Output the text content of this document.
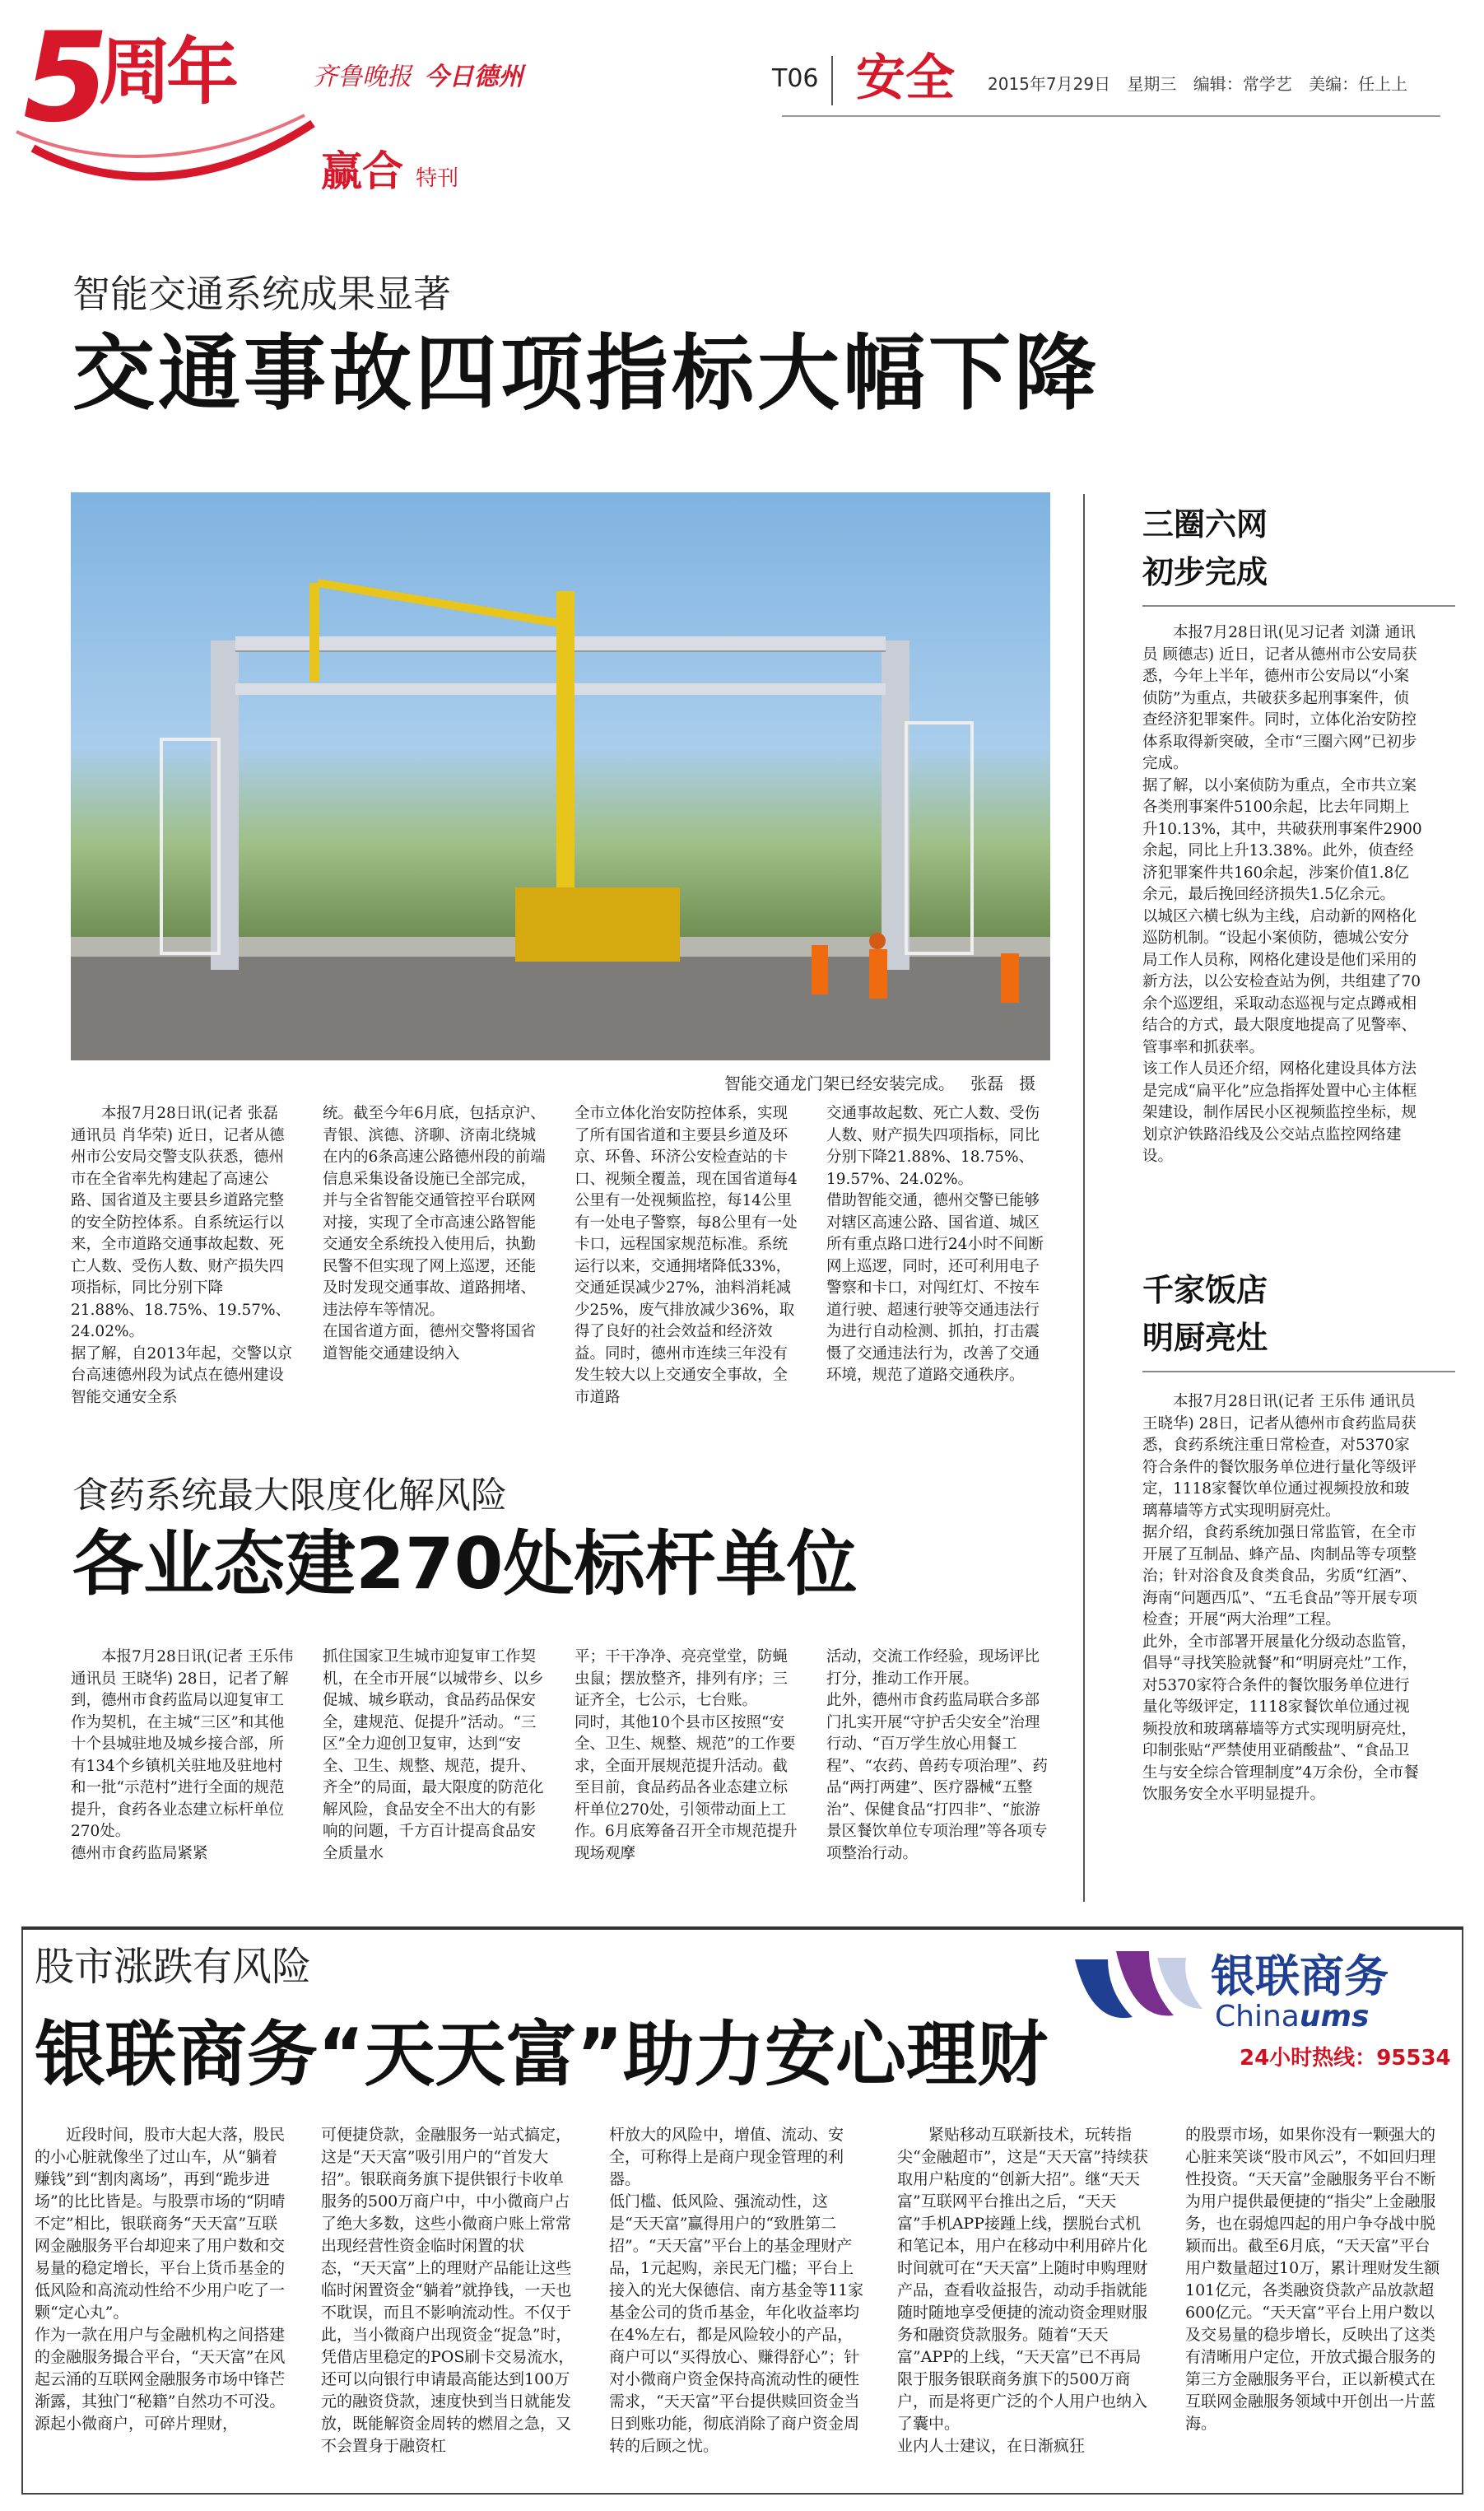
5
周年	齐鲁晚报 今日德州
赢合 特刊
T06 安全 2015年7月29日 星期三 编辑：常学艺 美编：任上上
智能交通系统成果显著
交通事故四项指标大幅下降
智能交通龙门架已经安装完成。   张磊   摄
本报7月28日讯(记者 张磊 通讯员 肖华荣) 近日，记者从德州市公安局交警支队获悉，德州市在全省率先构建起了高速公路、国省道及主要县乡道路完整的安全防控体系。自系统运行以来，全市道路交通事故起数、死亡人数、受伤人数、财产损失四项指标，同比分别下降21.88%、18.75%、19.57%、24.02%。
据了解，自2013年起，交警以京台高速德州段为试点在德州建设智能交通安全系
统。截至今年6月底，包括京沪、青银、滨德、济聊、济南北绕城在内的6条高速公路德州段的前端信息采集设备设施已全部完成，并与全省智能交通管控平台联网对接，实现了全市高速公路智能交通安全系统投入使用后，执勤民警不但实现了网上巡逻，还能及时发现交通事故、道路拥堵、违法停车等情况。
在国省道方面，德州交警将国省道智能交通建设纳入
全市立体化治安防控体系，实现了所有国省道和主要县乡道及环京、环鲁、环济公安检查站的卡口、视频全覆盖，现在国省道每4公里有一处视频监控，每14公里有一处电子警察，每8公里有一处卡口，远程国家规范标准。系统运行以来，交通拥堵降低33%，交通延误减少27%，油料消耗减少25%，废气排放减少36%，取得了良好的社会效益和经济效益。同时，德州市连续三年没有发生较大以上交通安全事故，全市道路
交通事故起数、死亡人数、受伤人数、财产损失四项指标，同比分别下降21.88%、18.75%、19.57%、24.02%。
借助智能交通，德州交警已能够对辖区高速公路、国省道、城区所有重点路口进行24小时不间断网上巡逻，同时，还可利用电子警察和卡口，对闯红灯、不按车道行驶、超速行驶等交通违法行为进行自动检测、抓拍，打击震慑了交通违法行为，改善了交通环境，规范了道路交通秩序。
三圈六网
初步完成
本报7月28日讯(见习记者 刘潇 通讯员 顾德志) 近日，记者从德州市公安局获悉，今年上半年，德州市公安局以“小案侦防”为重点，共破获多起刑事案件，侦查经济犯罪案件。同时，立体化治安防控体系取得新突破，全市“三圈六网”已初步完成。
据了解，以小案侦防为重点，全市共立案各类刑事案件5100余起，比去年同期上升10.13%，其中，共破获刑事案件2900余起，同比上升13.38%。此外，侦查经济犯罪案件共160余起，涉案价值1.8亿余元，最后挽回经济损失1.5亿余元。
以城区六横七纵为主线，启动新的网格化巡防机制。“设起小案侦防，德城公安分局工作人员称，网格化建设是他们采用的新方法，以公安检查站为例，共组建了70余个巡逻组，采取动态巡视与定点蹲戒相结合的方式，最大限度地提高了见警率、管事率和抓获率。
该工作人员还介绍，网格化建设具体方法是完成“扁平化”应急指挥处置中心主体框架建设，制作居民小区视频监控坐标，规划京沪铁路沿线及公交站点监控网络建设。
千家饭店
明厨亮灶
本报7月28日讯(记者 王乐伟 通讯员 王晓华) 28日，记者从德州市食药监局获悉，食药系统注重日常检查，对5370家符合条件的餐饮服务单位进行量化等级评定，1118家餐饮单位通过视频投放和玻璃幕墙等方式实现明厨亮灶。
据介绍，食药系统加强日常监管，在全市开展了互制品、蜂产品、肉制品等专项整治；针对浴食及食类食品，劣质“红酒”、海南“问题西瓜”、“五毛食品”等开展专项检查；开展“两大治理”工程。
此外，全市部署开展量化分级动态监管，倡导“寻找笑脸就餐”和“明厨亮灶”工作，对5370家符合条件的餐饮服务单位进行量化等级评定，1118家餐饮单位通过视频投放和玻璃幕墙等方式实现明厨亮灶，印制张贴“严禁使用亚硝酸盐”、“食品卫生与安全综合管理制度”4万余份，全市餐饮服务安全水平明显提升。
食药系统最大限度化解风险
各业态建270处标杆单位
本报7月28日讯(记者 王乐伟 通讯员 王晓华) 28日，记者了解到，德州市食药监局以迎复审工作为契机，在主城“三区”和其他十个县城驻地及城乡接合部，所有134个乡镇机关驻地及驻地村和一批“示范村”进行全面的规范提升，食药各业态建立标杆单位270处。
德州市食药监局紧紧
抓住国家卫生城市迎复审工作契机，在全市开展“以城带乡、以乡促城、城乡联动，食品药品保安全，建规范、促提升”活动。“三区”全力迎创卫复审，达到“安全、卫生、规整、规范，提升、齐全”的局面，最大限度的防范化解风险，食品安全不出大的有影响的问题，千方百计提高食品安全质量水
平；干干净净、亮亮堂堂，防蝇虫鼠；摆放整齐，排列有序；三证齐全，七公示，七台账。
同时，其他10个县市区按照“安全、卫生、规整、规范”的工作要求，全面开展规范提升活动。截至目前，食品药品各业态建立标杆单位270处，引领带动面上工作。6月底筹备召开全市规范提升现场观摩
活动，交流工作经验，现场评比打分，推动工作开展。
此外，德州市食药监局联合多部门扎实开展“守护舌尖安全”治理行动、“百万学生放心用餐工程”、“农药、兽药专项治理”、药品“两打两建”、医疗器械“五整治”、保健食品“打四非”、“旅游景区餐饮单位专项治理”等各项专项整治行动。
股市涨跌有风险
银联商务“天天富”助力安心理财
银联商务
Chinaums
24小时热线：95534
近段时间，股市大起大落，股民的小心脏就像坐了过山车，从“躺着赚钱”到“割肉离场”，再到“跪步进场”的比比皆是。与股票市场的“阴晴不定”相比，银联商务“天天富”互联网金融服务平台却迎来了用户数和交易量的稳定增长，平台上货币基金的低风险和高流动性给不少用户吃了一颗“定心丸”。
作为一款在用户与金融机构之间搭建的金融服务撮合平台，“天天富”在风起云涌的互联网金融服务市场中锋芒渐露，其独门“秘籍”自然功不可没。
源起小微商户，可碎片理财，
可便捷贷款，金融服务一站式搞定，这是“天天富”吸引用户的“首发大招”。银联商务旗下提供银行卡收单服务的500万商户中，中小微商户占了绝大多数，这些小微商户账上常常出现经营性资金临时闲置的状态，“天天富”上的理财产品能让这些临时闲置资金“躺着”就挣钱，一天也不耽误，而且不影响流动性。不仅于此，当小微商户出现资金“捉急”时，凭借店里稳定的POS刷卡交易流水，还可以向银行申请最高能达到100万元的融资贷款，速度快到当日就能发放，既能解资金周转的燃眉之急，又不会置身于融资杠
杆放大的风险中，增值、流动、安全，可称得上是商户现金管理的利器。
低门槛、低风险、强流动性，这是“天天富”赢得用户的“致胜第二招”。“天天富”平台上的基金理财产品，1元起购，亲民无门槛；平台上接入的光大保德信、南方基金等11家基金公司的货币基金，年化收益率均在4%左右，都是风险较小的产品，商户可以“买得放心、赚得舒心”；针对小微商户资金保持高流动性的硬性需求，“天天富”平台提供赎回资金当日到账功能，彻底消除了商户资金周转的后顾之忧。
紧贴移动互联新技术，玩转指尖“金融超市”，这是“天天富”持续获取用户粘度的“创新大招”。继“天天富”互联网平台推出之后，“天天富”手机APP接踵上线，摆脱台式机和笔记本，用户在移动中利用碎片化时间就可在“天天富”上随时申购理财产品，查看收益报告，动动手指就能随时随地享受便捷的流动资金理财服务和融资贷款服务。随着“天天富”APP的上线，“天天富”已不再局限于服务银联商务旗下的500万商户，而是将更广泛的个人用户也纳入了囊中。
业内人士建议，在日渐疯狂
的股票市场，如果你没有一颗强大的心脏来笑谈“股市风云”，不如回归理性投资。“天天富”金融服务平台不断为用户提供最便捷的“指尖”上金融服务，也在弱熄四起的用户争夺战中脱颖而出。截至6月底，“天天富”平台用户数量超过10万，累计理财发生额101亿元，各类融资贷款产品放款超600亿元。“天天富”平台上用户数以及交易量的稳步增长，反映出了这类有清晰用户定位，开放式撮合服务的第三方金融服务平台，正以新模式在互联网金融服务领域中开创出一片蓝海。
